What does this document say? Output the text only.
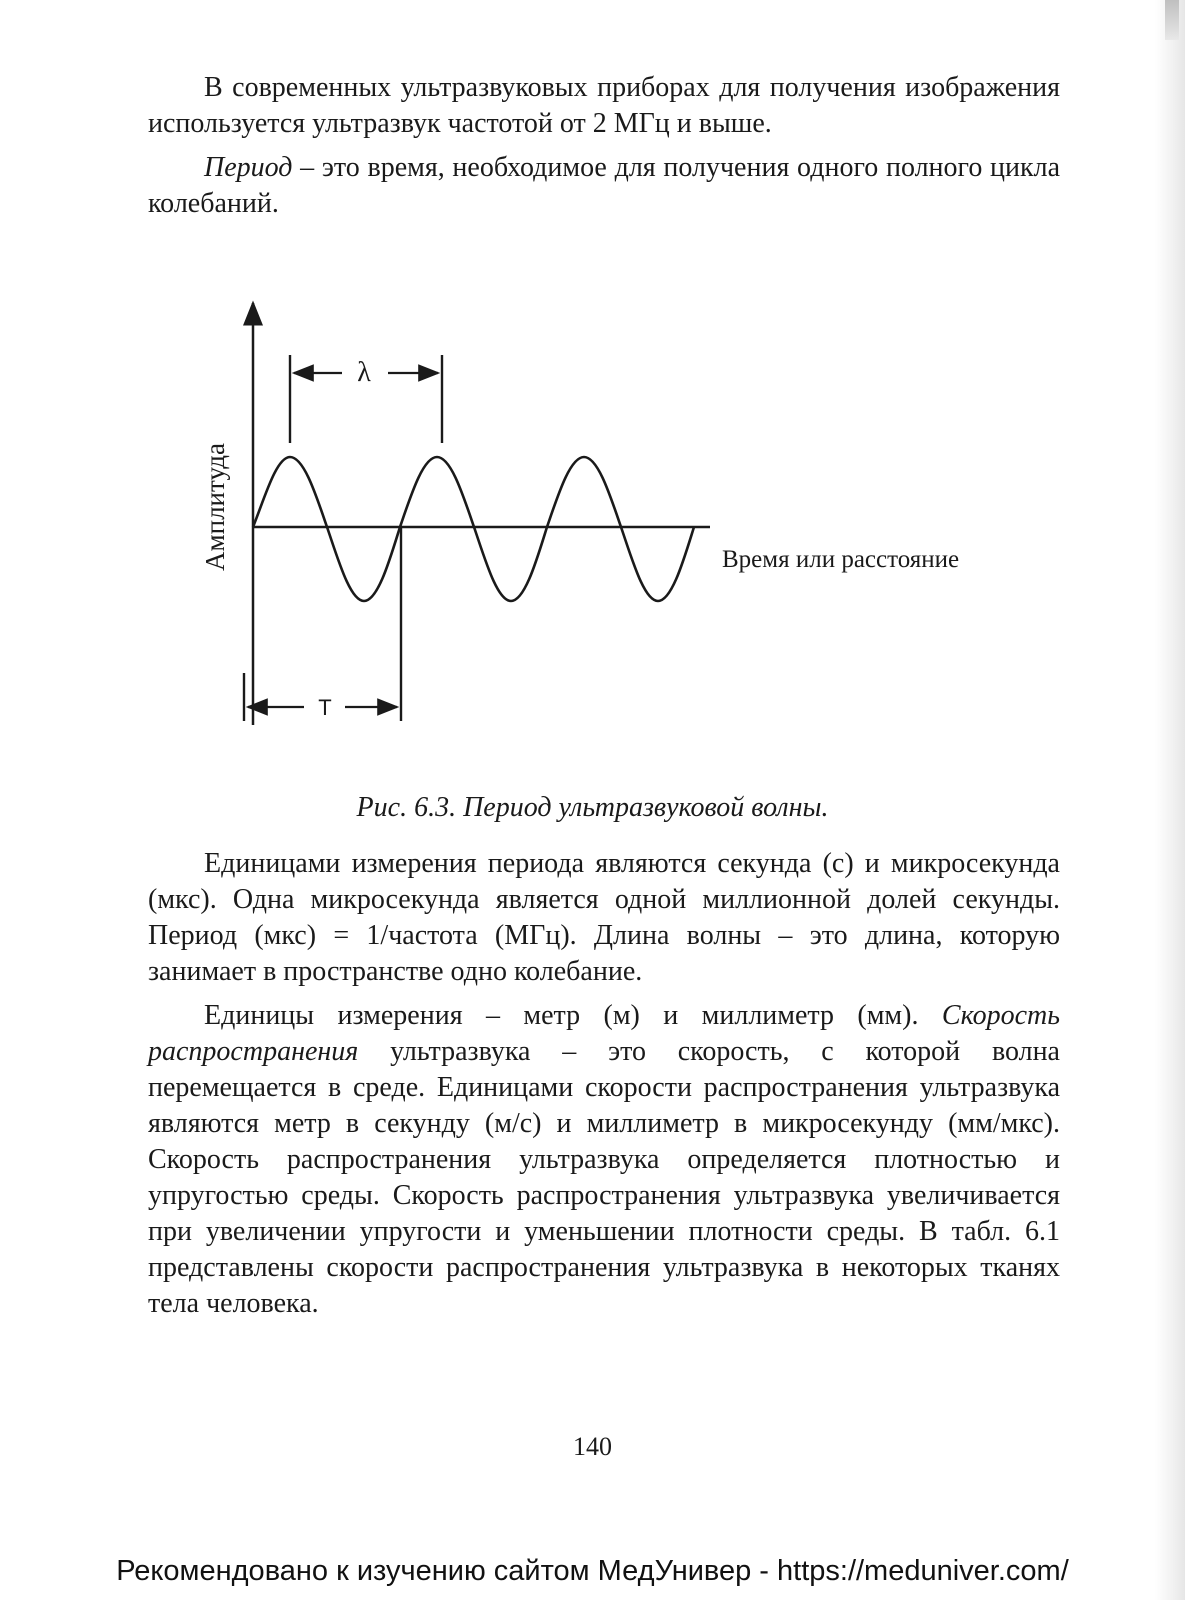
В современных ультразвуковых приборах для получения изображения используется ультразвук частотой от 2 МГц и выше.

Период – это время, необходимое для получения одного полного цикла колебаний.

λ
T
Амплитуда	Время или расстояние
Рис. 6.3. Период ультразвуковой волны.

Единицами измерения периода являются секунда (с) и микросекунда (мкс). Одна микросекунда является одной миллионной долей секунды. Период (мкс) = 1/частота (МГц). Длина волны – это длина, которую занимает в пространстве одно колебание.

Единицы измерения – метр (м) и миллиметр (мм). Скорость распространения ультразвука – это скорость, с которой волна перемещается в среде. Единицами скорости распространения ультразвука являются метр в секунду (м/с) и миллиметр в микросекунду (мм/мкс). Скорость распространения ультразвука определяется плотностью и упругостью среды. Скорость распространения ультразвука увеличивается при увеличении упругости и уменьшении плотности среды. В табл. 6.1 представлены скорости распространения ультразвука в некоторых тканях тела человека.

140
Рекомендовано к изучению сайтом МедУнивер - https://meduniver.com/
